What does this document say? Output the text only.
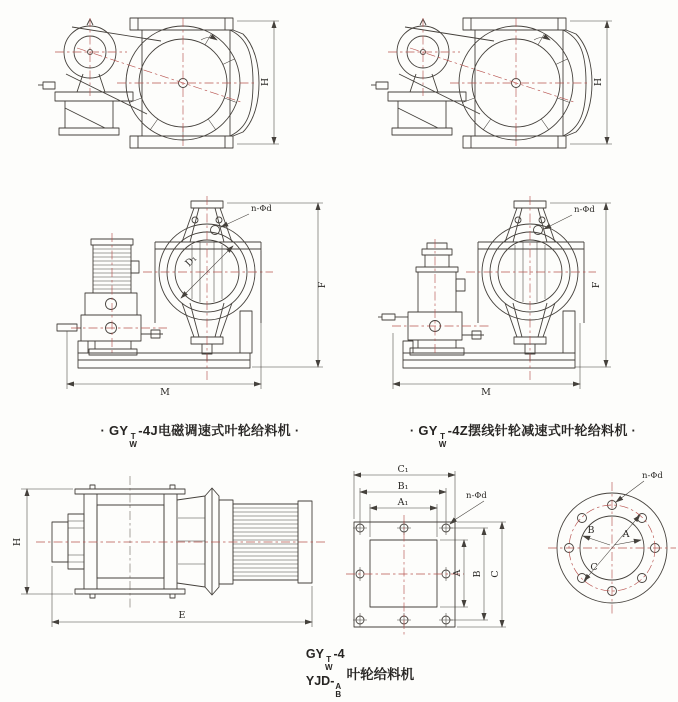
H	H
n-Φd
D₁
F
M
n-Φd
F
M
· GY T
W
-4J电磁调速式叶轮给料机 ·	· GY T
W
-4Z摆线针轮减速式叶轮给料机 ·
H
E
A₁
B₁
C₁
A B C
n-Φd
A
B
C
n-Φd
GY T
W
-4
YJD- A
B
叶轮给料机
